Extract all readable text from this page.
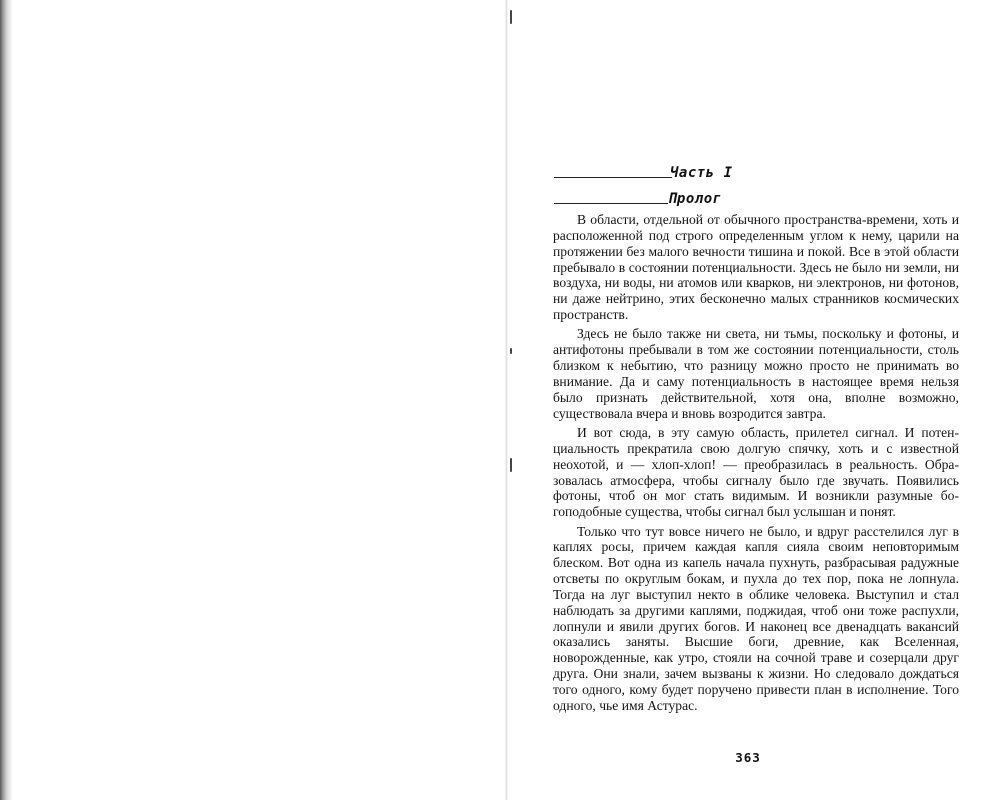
Часть I
Пролог

В области, отдельной от обычного пространства-времени, хоть и расположенной под строго определенным углом к нему, царили на протяжении без малого вечности тишина и покой. Все в этой области пребывало в состоянии потенциальности. Здесь не было ни земли, ни воздуха, ни воды, ни атомов или кварков, ни электронов, ни фотонов, ни даже нейтрино, этих бесконечно малых странников космических пространств.

Здесь не было также ни света, ни тьмы, поскольку и фотоны, и антифотоны пребывали в том же состоянии потенциальности, столь близком к небытию, что разницу можно просто не принимать во внимание. Да и саму потенциальность в настоящее время нельзя было признать действительной, хотя она, вполне возможно, существовала вчера и вновь возродится завтра.

И вот сюда, в эту самую область, прилетел сигнал. И потенциальность прекратила свою долгую спячку, хоть и с известной неохотой, и — хлоп-хлоп! — преобразилась в реальность. Образовалась атмосфера, чтобы сигналу было где звучать. Появились фотоны, чтоб он мог стать видимым. И возникли разумные богоподобные существа, чтобы сигнал был услышан и понят.

Только что тут вовсе ничего не было, и вдруг расстелился луг в каплях росы, причем каждая капля сияла своим неповторимым блеском. Вот одна из капель начала пухнуть, разбрасывая радужные отсветы по округлым бокам, и пухла до тех пор, пока не лопнула. Тогда на луг выступил некто в облике человека. Выступил и стал наблюдать за другими каплями, поджидая, чтоб они тоже распухли, лопнули и явили других богов. И наконец все двенадцать вакансий оказались заняты. Высшие боги, древние, как Вселенная, новорожденные, как утро, стояли на сочной траве и созерцали друг друга. Они знали, зачем вызваны к жизни. Но следовало дождаться того одного, кому будет поручено привести план в исполнение. Того одного, чье имя Астурас.

363
